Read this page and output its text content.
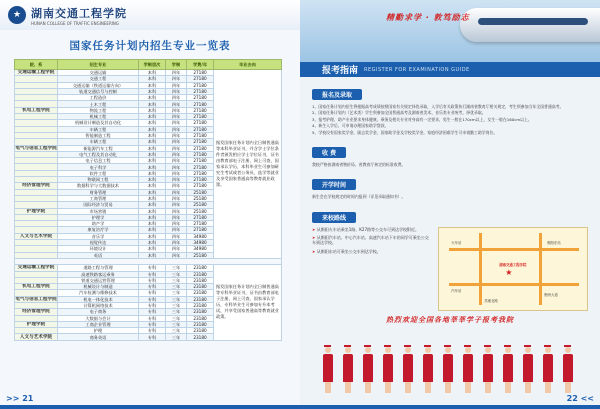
★ 湖南交通工程学院
HUNAN COLLEGE OF TRAFFIC ENGINEERING
国家任务计划内招生专业一览表
院、系	招生专业	学制层次	学制	学费/年	毕业去向
交通运输工程学院	交通运输	本科	四年	27180	据发国家任务计划内全日制普通高等本科毕业证书，并含学士学位条件者颁发相应学士学位证书，证书由教育部电子注册，网上可查，国家承认学历，本科毕业生可参加研究生考试或者公务员，选学等就业及享受国家普通高等教育就业政策。
	交通工程	本科	四年	27180	
	交通运输（铁道运输方向）	本科	四年	27180	
	轨道交通信号与控制	本科	四年	27180	
	工程造价	本科	四年	27180	
	土木工程	本科	四年	27180	
机电工程学院	物流工程	本科	四年	27180	
	机械工程	本科	四年	27180	
	机械设计制造及其自动化	本科	四年	27180	
	车辆工程	本科	四年	27180	
	智能制造工程	本科	四年	27180	
	车辆工程	本科	四年	27180	
电气与信息工程学院	新能源汽车工程	本科	四年	27180	
	电气工程及其自动化	本科	四年	27180	
	电子信息工程	本科	四年	27180	
	电子科学	本科	四年	27180	
	软件工程	本科	四年	27180	
	物联网工程	本科	四年	27180	
经济管理学院	数据科学与大数据技术	本科	四年	27180	
	财务管理	本科	四年	25180	
	工商管理	本科	四年	25180	
	国际经济与贸易	本科	四年	25180	
护理学院	市场营销	本科	四年	25180	
	护理学	本科	四年	27180	
	助产学	本科	四年	27180	
	康复治疗学	本科	四年	27180	
人文与艺术学院	音乐学	本科	四年	34980	
	视觉传达	本科	四年	34980	
	环境设计	本科	四年	34980	
	英语	本科	四年	25180	

交通运输工程学院	道路工程与管理	专科	三年	23180	据发国家任务计划内全日制普通高等专科毕业证书，证书由教育部电子注册，网上可查，国家承认学历，专科毕业生可参加专升本考试，并享受国家普通高等教育就业政策。
	高速铁路客运乘务	专科	三年	23180	
	铁道交通运营管理	专科	三年	23180	
机电工程学院	机械设计与制造	专科	三年	23180	
	汽车检测与维修技术	专科	三年	23180	
电气与信息工程学院	机电一体化技术	专科	三年	23180	
	计算机网络技术	专科	三年	23180	
经济管理学院	电子商务	专科	三年	23180	
	大数据与会计	专科	三年	23180	
护理学院	工商企业管理	专科	三年	23180	
	护理	专科	三年	23180	
人文与艺术学院	商务英语	专科	三年	23180	
>> 21
精勤求学 · 敦笃励志
报考指南 REGISTER FOR EXAMINATION GUIDE
报名及录取

1、国家任务计划内招生将根据高考成绩按照国家有关规定择优录取，入学后有关政策执行湖南省教育厅相关规定，考生须参加当年全国普通高考。

2、国家任务计划内（艺术类）学生须参加全国普通高考及湖南省美术、音乐类专业统考，择优录取。

3、报考护理、助产专业要求身体健康，乘务及相关专业对身高有一定要求，男生一般在170cm以上，女生一般在160cm以上。

4、新生入学后，可申请办理国家助学贷款。

5、学校设有国家奖学金、励志奖学金、国家助学金及学校奖学金，家庭经济困难学生可申请勤工助学岗位。

收 费
我校严格按湖南省物价局、省教育厅核定的标准收费。
开学时间
新生会在学校规定的时间内报到（详见录取通知书）。
来校路线

➤ 从衡阳火车站乘坐1路、K27路等公交车可到达学校附近。

➤ 从衡阳汽车站、中心汽车站、高速汽车站下车的同学可乘坐公交车到达学校。

➤ 从衡阳东站可乘坐公交车到达学校。

火车站
汽车站
衡阳东站
湖南交通工程学院
★
蒸湘北路
衡州大道
热烈欢迎全国各地莘莘学子报考我院
22 <<
